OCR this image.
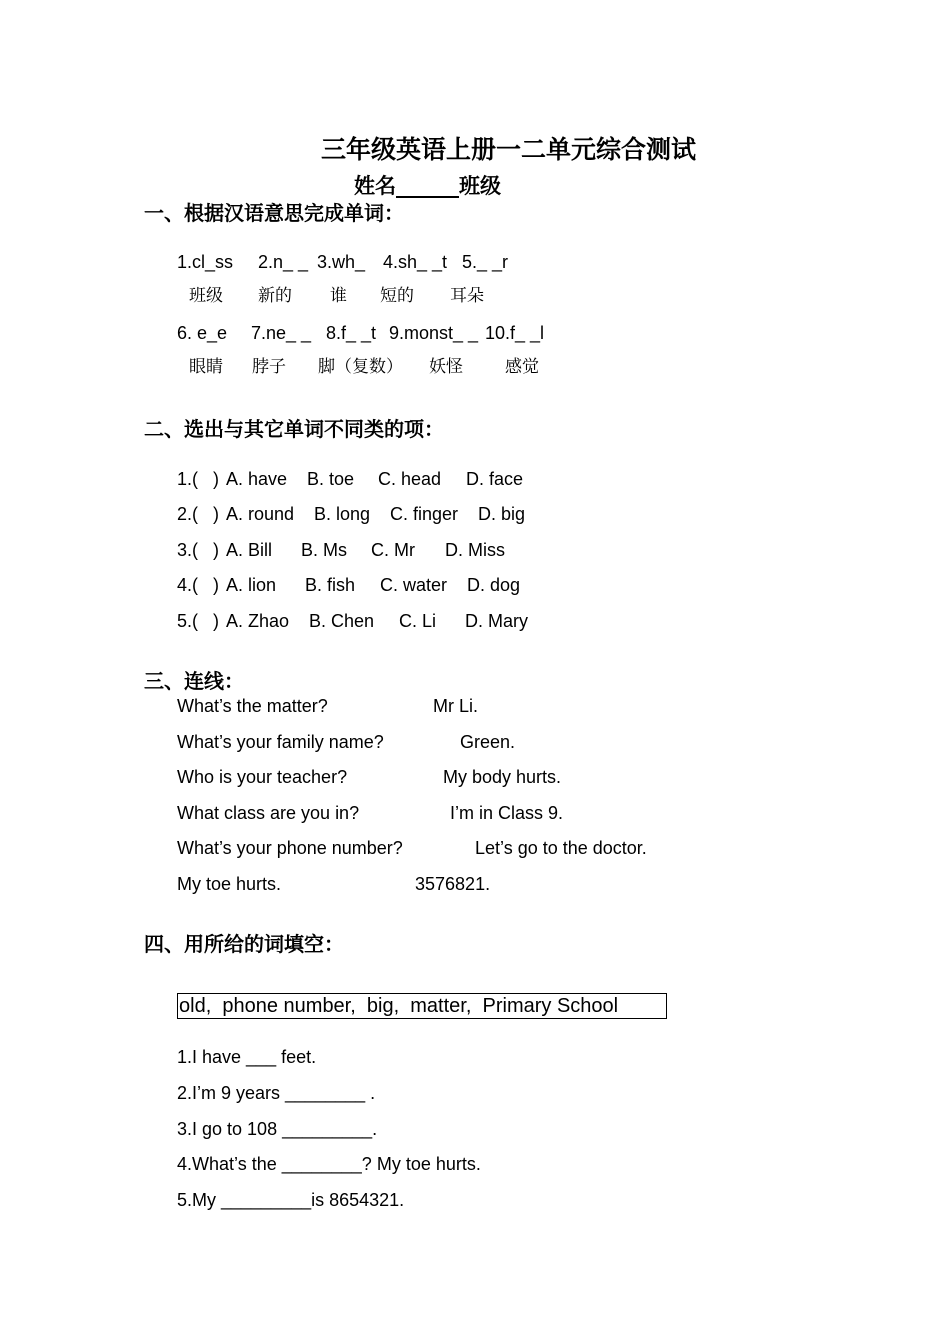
三年级英语上册一二单元综合测试
姓名______班级
一、根据汉语意思完成单词：
1.cl_ss 2.n_ _ 3.wh_ 4.sh_ _t 5._ _r
班级 新的 谁 短的 耳朵
6. e_e 7.ne_ _ 8.f_ _t 9.monst_ _ 10.f_ _l
眼睛 脖子 脚（复数） 妖怪 感觉
二、选出与其它单词不同类的项：
1.(   ) A. have B. toe C. head D. face
2.(   ) A. round B. long C. finger D. big
3.(   ) A. Bill B. Ms C. Mr D. Miss
4.(   ) A. lion B. fish C. water D. dog
5.(   ) A. Zhao B. Chen C. Li D. Mary
三、连线：
What’s the matter?	Mr Li.
What’s your family name?	Green.
Who is your teacher?	My body hurts.
What class are you in?	I’m in Class 9.
What’s your phone number?	Let’s go to the doctor.
My toe hurts.	3576821.
四、用所给的词填空：
old,  phone number,  big,  matter,  Primary School
1.I have ___ feet.
2.I’m 9 years ________ .
3.I go to 108 _________.
4.What’s the ________? My toe hurts.
5.My _________is 8654321.
